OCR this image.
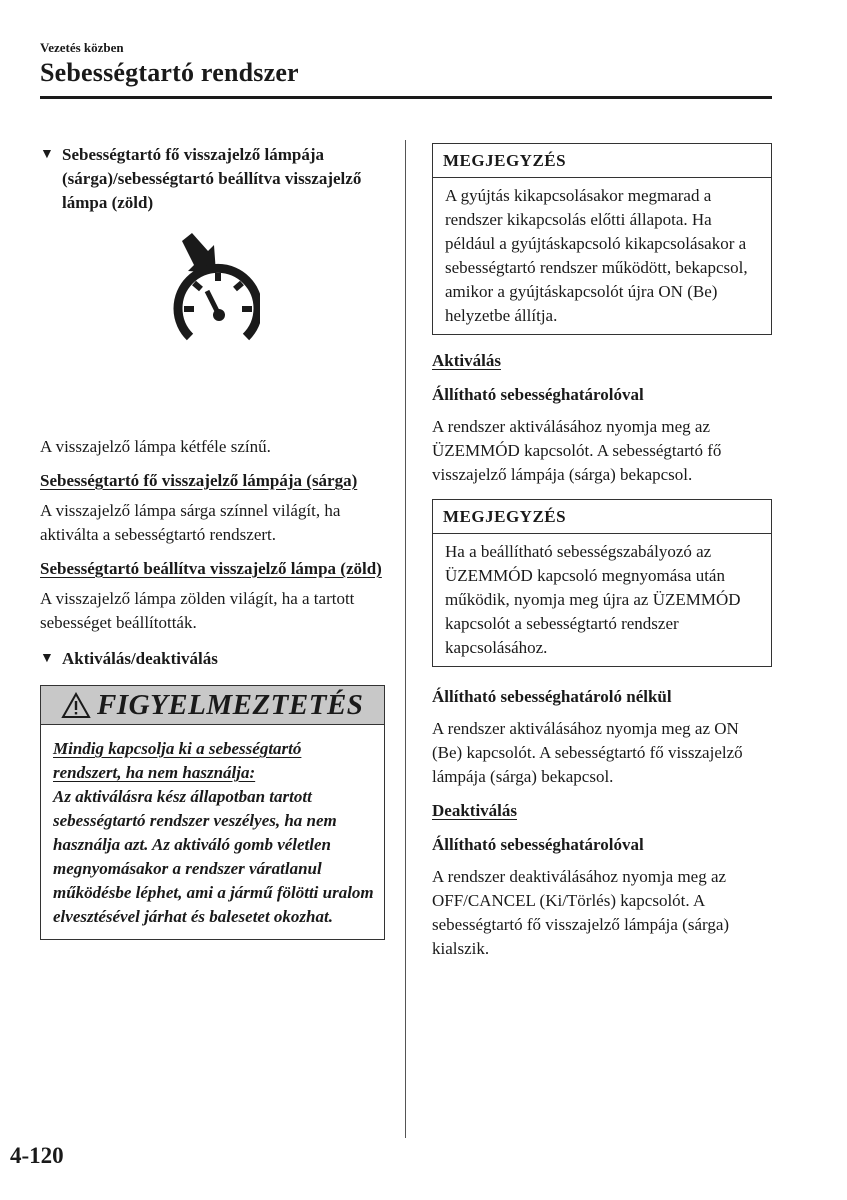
Vezetés közben
Sebességtartó rendszer
▼ Sebességtartó fő visszajelző lámpája (sárga)/sebességtartó beállítva visszajelző lámpa (zöld)

A visszajelző lámpa kétféle színű.

Sebességtartó fő visszajelző lámpája (sárga)

A visszajelző lámpa sárga színnel világít, ha aktiválta a sebességtartó rendszert.

Sebességtartó beállítva visszajelző lámpa (zöld)

A visszajelző lámpa zölden világít, ha a tartott sebességet beállították.

▼ Aktiválás/deaktiválás
FIGYELMEZTETÉS

Mindig kapcsolja ki a sebességtartó rendszert, ha nem használja:

Az aktiválásra kész állapotban tartott sebességtartó rendszer veszélyes, ha nem használja azt. Az aktiváló gomb véletlen megnyomásakor a rendszer váratlanul működésbe léphet, ami a jármű fölötti uralom elvesztésével járhat és balesetet okozhat.

MEGJEGYZÉS
A gyújtás kikapcsolásakor megmarad a rendszer kikapcsolás előtti állapota. Ha például a gyújtáskapcsoló kikapcsolásakor a sebességtartó rendszer működött, bekapcsol, amikor a gyújtáskapcsolót újra ON (Be) helyzetbe állítja.

Aktiválás

Állítható sebességhatárolóval

A rendszer aktiválásához nyomja meg az ÜZEMMÓD kapcsolót. A sebességtartó fő visszajelző lámpája (sárga) bekapcsol.

MEGJEGYZÉS
Ha a beállítható sebességszabályozó az ÜZEMMÓD kapcsoló megnyomása után működik, nyomja meg újra az ÜZEMMÓD kapcsolót a sebességtartó rendszer kapcsolásához.

Állítható sebességhatároló nélkül

A rendszer aktiválásához nyomja meg az ON (Be) kapcsolót. A sebességtartó fő visszajelző lámpája (sárga) bekapcsol.

Deaktiválás

Állítható sebességhatárolóval

A rendszer deaktiválásához nyomja meg az OFF/CANCEL (Ki/Törlés) kapcsolót. A sebességtartó fő visszajelző lámpája (sárga) kialszik.

4-120
